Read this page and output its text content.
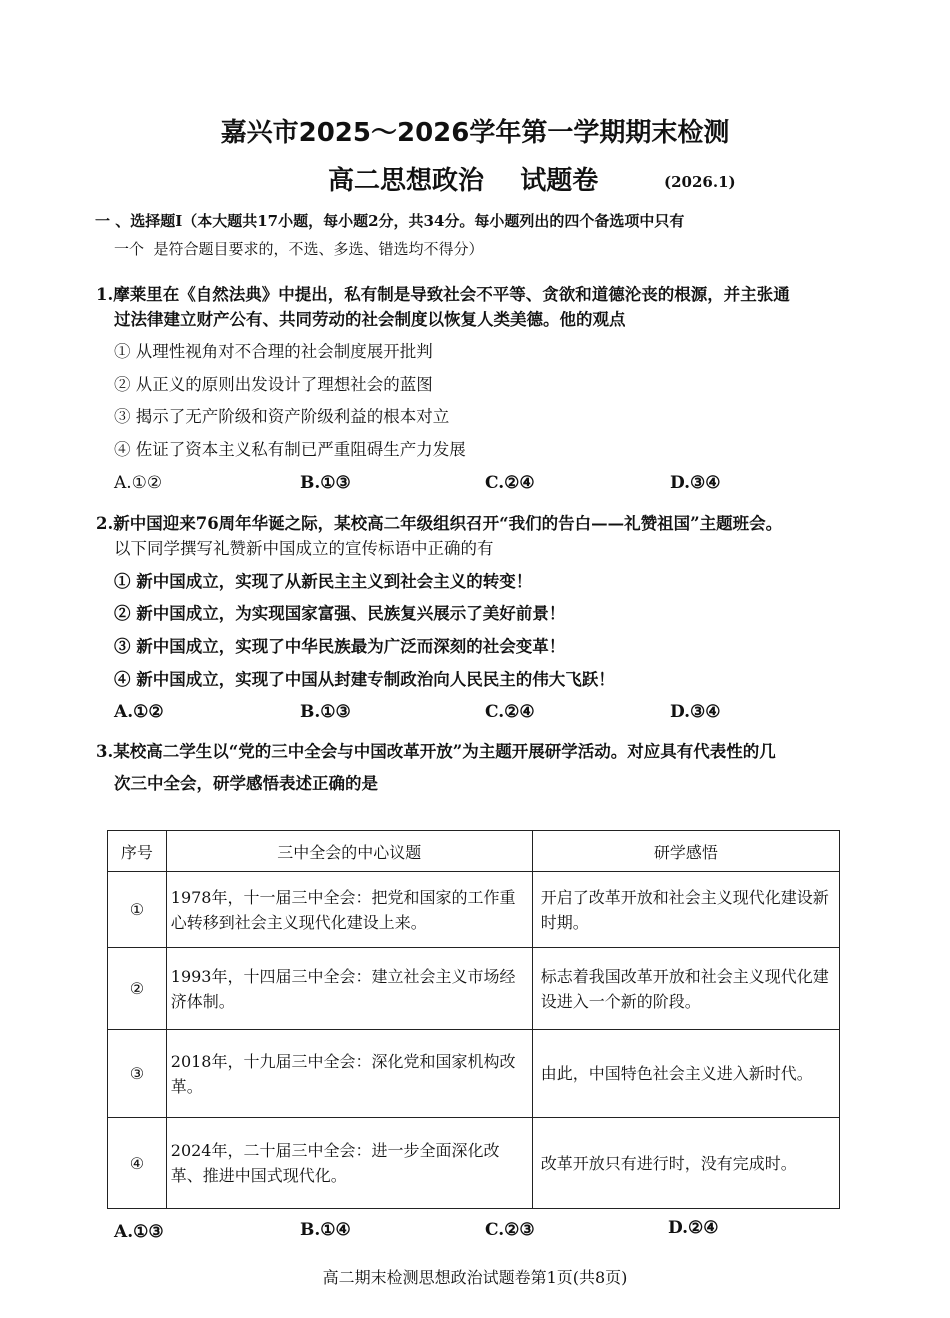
嘉兴市2025～2026学年第一学期期末检测
高二思想政治    试题卷	(2026.1)
一 、选择题Ⅰ（本大题共17小题，每小题2分，共34分。每小题列出的四个备选项中只有
一个  是符合题目要求的，不选、多选、错选均不得分）
1.摩莱里在《自然法典》中提出，私有制是导致社会不平等、贪欲和道德沦丧的根源，并主张通
过法律建立财产公有、共同劳动的社会制度以恢复人类美德。他的观点
① 从理性视角对不合理的社会制度展开批判
② 从正义的原则出发设计了理想社会的蓝图
③ 揭示了无产阶级和资产阶级利益的根本对立
④ 佐证了资本主义私有制已严重阻碍生产力发展
A.①②	B.①③	C.②④	D.③④
2.新中国迎来76周年华诞之际，某校高二年级组织召开“我们的告白——礼赞祖国”主题班会。
以下同学撰写礼赞新中国成立的宣传标语中正确的有
① 新中国成立，实现了从新民主主义到社会主义的转变！
② 新中国成立，为实现国家富强、民族复兴展示了美好前景！
③ 新中国成立，实现了中华民族最为广泛而深刻的社会变革！
④ 新中国成立，实现了中国从封建专制政治向人民民主的伟大飞跃！
A.①②	B.①③	C.②④	D.③④
3.某校高二学生以“党的三中全会与中国改革开放”为主题开展研学活动。对应具有代表性的几
次三中全会，研学感悟表述正确的是
序号	三中全会的中心议题	研学感悟
①	1978年，十一届三中全会：把党和国家的工作重心转移到社会主义现代化建设上来。	开启了改革开放和社会主义现代化建设新时期。
②	1993年，十四届三中全会：建立社会主义市场经济体制。	标志着我国改革开放和社会主义现代化建设进入一个新的阶段。
③	2018年，十九届三中全会：深化党和国家机构改革。	由此，中国特色社会主义进入新时代。
④	2024年，二十届三中全会：进一步全面深化改革、推进中国式现代化。	改革开放只有进行时，没有完成时。
A.①③	B.①④	C.②③	D.②④
高二期末检测思想政治试题卷第1页(共8页)
